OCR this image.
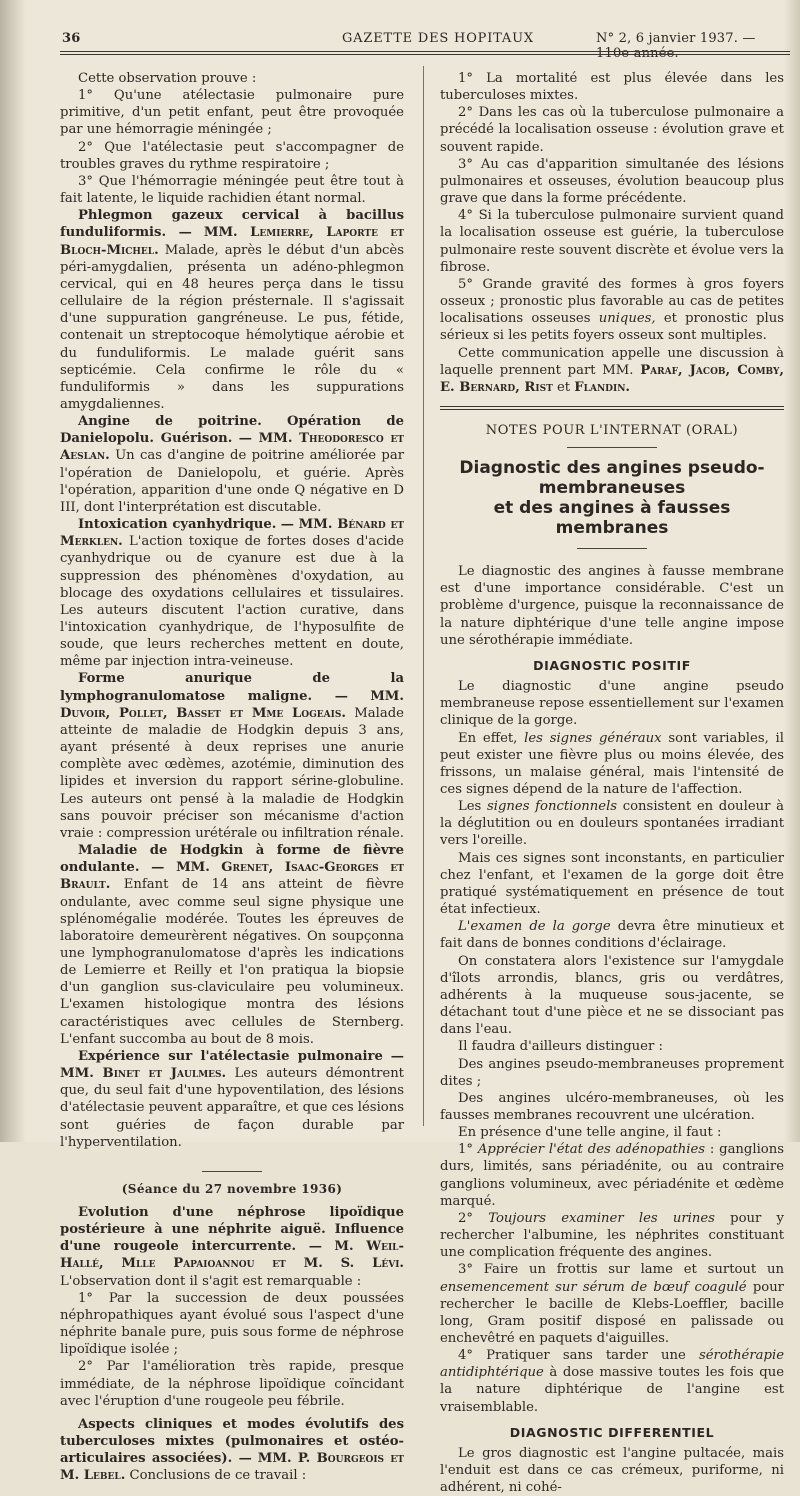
36	GAZETTE DES HOPITAUX	N° 2, 6 janvier 1937. — 110e année.

Cette observation prouve :

1° Qu'une atélectasie pulmonaire pure primitive, d'un petit enfant, peut être provoquée par une hémorragie méningée ;

2° Que l'atélectasie peut s'accompagner de troubles graves du rythme respiratoire ;

3° Que l'hémorragie méningée peut être tout à fait latente, le liquide rachidien étant normal.

Phlegmon gazeux cervical à bacillus funduliformis. — MM. Lemierre, Laporte et Bloch-Michel. Malade, après le début d'un abcès péri-amygdalien, présenta un adéno-phlegmon cervical, qui en 48 heures perça dans le tissu cellulaire de la région présternale. Il s'agissait d'une suppuration gangréneuse. Le pus, fétide, contenait un streptocoque hémolytique aérobie et du funduliformis. Le malade guérit sans septicémie. Cela confirme le rôle du « funduliformis » dans les suppurations amygdaliennes.

Angine de poitrine. Opération de Danielopolu. Guérison. — MM. Theodoresco et Aeslan. Un cas d'angine de poitrine améliorée par l'opération de Danielopolu, et guérie. Après l'opération, apparition d'une onde Q négative en D III, dont l'interprétation est discutable.

Intoxication cyanhydrique. — MM. Bénard et Merklen. L'action toxique de fortes doses d'acide cyanhydrique ou de cyanure est due à la suppression des phénomènes d'oxydation, au blocage des oxydations cellulaires et tissulaires. Les auteurs discutent l'action curative, dans l'intoxication cyanhydrique, de l'hyposulfite de soude, que leurs recherches mettent en doute, même par injection intra-veineuse.

Forme anurique de la lymphogranulomatose maligne. — MM. Duvoir, Pollet, Basset et Mme Logeais. Malade atteinte de maladie de Hodgkin depuis 3 ans, ayant présenté à deux reprises une anurie complète avec œdèmes, azotémie, diminution des lipides et inversion du rapport sérine-globuline. Les auteurs ont pensé à la maladie de Hodgkin sans pouvoir préciser son mécanisme d'action vraie : compression urétérale ou infiltration rénale.

Maladie de Hodgkin à forme de fièvre ondulante. — MM. Grenet, Isaac-Georges et Brault. Enfant de 14 ans atteint de fièvre ondulante, avec comme seul signe physique une splénomégalie modérée. Toutes les épreuves de laboratoire demeurèrent négatives. On soupçonna une lymphogranulomatose d'après les indications de Lemierre et Reilly et l'on pratiqua la biopsie d'un ganglion sus-claviculaire peu volumineux. L'examen histologique montra des lésions caractéristiques avec cellules de Sternberg. L'enfant succomba au bout de 8 mois.

Expérience sur l'atélectasie pulmonaire — MM. Binet et Jaulmes. Les auteurs démontrent que, du seul fait d'une hypoventilation, des lésions d'atélectasie peuvent apparaître, et que ces lésions sont guéries de façon durable par l'hyperventilation.

(Séance du 27 novembre 1936)

Evolution d'une néphrose lipoïdique postérieure à une néphrite aiguë. Influence d'une rougeole intercurrente. — M. Weil-Hallé, Mlle Papaioannou et M. S. Lévi. L'observation dont il s'agit est remarquable :

1° Par la succession de deux poussées néphropathiques ayant évolué sous l'aspect d'une néphrite banale pure, puis sous forme de néphrose lipoïdique isolée ;

2° Par l'amélioration très rapide, presque immédiate, de la néphrose lipoïdique coïncidant avec l'éruption d'une rougeole peu fébrile.

Aspects cliniques et modes évolutifs des tuberculoses mixtes (pulmonaires et ostéo-articulaires associées). — MM. P. Bourgeois et M. Lebel. Conclusions de ce travail :

1° La mortalité est plus élevée dans les tuberculoses mixtes.

2° Dans les cas où la tuberculose pulmonaire a précédé la localisation osseuse : évolution grave et souvent rapide.

3° Au cas d'apparition simultanée des lésions pulmonaires et osseuses, évolution beaucoup plus grave que dans la forme précédente.

4° Si la tuberculose pulmonaire survient quand la localisation osseuse est guérie, la tuberculose pulmonaire reste souvent discrète et évolue vers la fibrose.

5° Grande gravité des formes à gros foyers osseux ; pronostic plus favorable au cas de petites localisations osseuses uniques, et pronostic plus sérieux si les petits foyers osseux sont multiples.

Cette communication appelle une discussion à laquelle prennent part MM. Paraf, Jacob, Comby, E. Bernard, Rist et Flandin.

NOTES POUR L'INTERNAT (ORAL)
Diagnostic des angines pseudo-membraneuses
et des angines à fausses membranes

Le diagnostic des angines à fausse membrane est d'une importance considérable. C'est un problème d'urgence, puisque la reconnaissance de la nature diphtérique d'une telle angine impose une sérothérapie immédiate.

DIAGNOSTIC POSITIF

Le diagnostic d'une angine pseudo membraneuse repose essentiellement sur l'examen clinique de la gorge.

En effet, les signes généraux sont variables, il peut exister une fièvre plus ou moins élevée, des frissons, un malaise général, mais l'intensité de ces signes dépend de la nature de l'affection.

Les signes fonctionnels consistent en douleur à la déglutition ou en douleurs spontanées irradiant vers l'oreille.

Mais ces signes sont inconstants, en particulier chez l'enfant, et l'examen de la gorge doit être pratiqué systématiquement en présence de tout état infectieux.

L'examen de la gorge devra être minutieux et fait dans de bonnes conditions d'éclairage.

On constatera alors l'existence sur l'amygdale d'îlots arrondis, blancs, gris ou verdâtres, adhérents à la muqueuse sous-jacente, se détachant tout d'une pièce et ne se dissociant pas dans l'eau.

Il faudra d'ailleurs distinguer :

Des angines pseudo-membraneuses proprement dites ;

Des angines ulcéro-membraneuses, où les fausses membranes recouvrent une ulcération.

En présence d'une telle angine, il faut :

1° Apprécier l'état des adénopathies : ganglions durs, limités, sans périadénite, ou au contraire ganglions volumineux, avec périadénite et œdème marqué.

2° Toujours examiner les urines pour y rechercher l'albumine, les néphrites constituant une complication fréquente des angines.

3° Faire un frottis sur lame et surtout un ensemencement sur sérum de bœuf coagulé pour rechercher le bacille de Klebs-Loeffler, bacille long, Gram positif disposé en palissade ou enchevêtré en paquets d'aiguilles.

4° Pratiquer sans tarder une sérothérapie antidiphtérique à dose massive toutes les fois que la nature diphtérique de l'angine est vraisemblable.

DIAGNOSTIC DIFFERENTIEL

Le gros diagnostic est l'angine pultacée, mais l'enduit est dans ce cas crémeux, puriforme, ni adhérent, ni cohé-
